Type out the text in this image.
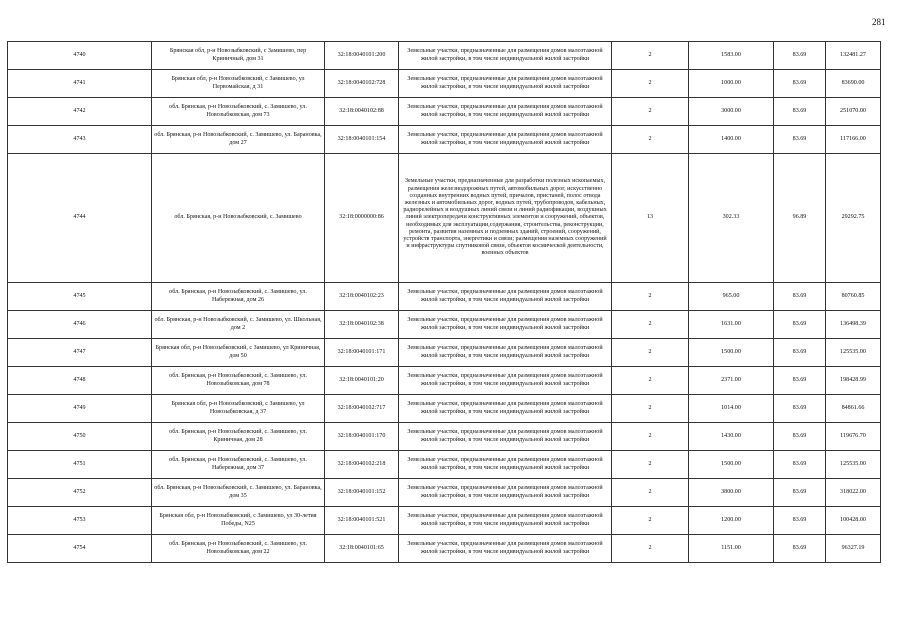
281
4740	Брянская обл, р-н Новозыбковский, с Замишево, пер Криничный, дом 31	32:18:0040101:200	Земельные участки, предназначенные для размещения домов малоэтажной жилой застройки, в том числе индивидуальной жилой застройки	2	1583.00	83.69	132481.27
4741	Брянская обл, р-н Новозыбковский, с Замишево, ул Первомайская, д 31	32:18:0040102:728	Земельные участки, предназначенные для размещения домов малоэтажной жилой застройки, в том числе индивидуальной жилой застройки	2	1000.00	83.69	83690.00
4742	обл. Брянская, р-н Новозыбковский, с. Замишево, ул. Новозыбковская, дом 73	32:18:0040102:88	Земельные участки, предназначенные для размещения домов малоэтажной жилой застройки, в том числе индивидуальной жилой застройки	2	3000.00	83.69	251070.00
4743	обл. Брянская, р-н Новозыбковский, с. Замишево, ул. Барановка, дом 27	32:18:0040101:154	Земельные участки, предназначенные для размещения домов малоэтажной жилой застройки, в том числе индивидуальной жилой застройки	2	1400.00	83.69	117166.00
4744	обл. Брянская, р-н Новозыбковский, с. Замишево	32:18:0000000:86	Земельные участки, предназначенные для разработки полезных ископаемых, размещения железнодорожных путей, автомобильных дорог, искусственно созданных внутренних водных путей, причалов, пристаней, полос отвода железных и автомобильных дорог, водных путей, трубопроводов, кабельных, радиорелейных и воздушных линий связи и линий радиофикации, воздушных линий электропередачи конструктивных элементов и сооружений, объектов, необходимых для эксплуатации,содержания, строительства, реконструкции, ремонта, развития наземных и подземных зданий, строений, сооружений, устройств транспорта, энергетики и связи; размещения наземных сооружений и инфраструктуры спутниковой связи, объектов космической деятельности, военных объектов	13	302.33	96.89	29292.75
4745	обл. Брянская, р-н Новозыбковский, с. Замишево, ул. Набережная, дом 26	32:18:0040102:23	Земельные участки, предназначенные для размещения домов малоэтажной жилой застройки, в том числе индивидуальной жилой застройки	2	965.00	83.69	80760.85
4746	обл. Брянская, р-н Новозыбковский, с. Замишево, ул. Школьная, дом 2	32:18:0040102:38	Земельные участки, предназначенные для размещения домов малоэтажной жилой застройки, в том числе индивидуальной жилой застройки	2	1631.00	83.69	136498.39
4747	Брянская обл, р-н Новозыбковский, с Замишево, ул Криничная, дом 50	32:18:0040101:171	Земельные участки, предназначенные для размещения домов малоэтажной жилой застройки, в том числе индивидуальной жилой застройки	2	1500.00	83.69	125535.00
4748	обл. Брянская, р-н Новозыбковский, с. Замишево, ул. Новозыбковская, дом 78	32:18:0040101:20	Земельные участки, предназначенные для размещения домов малоэтажной жилой застройки, в том числе индивидуальной жилой застройки	2	2371.00	83.69	198428.99
4749	Брянская обл, р-н Новозыбковский, с Замишево, ул Новозыбковская, д 37	32:18:0040102:717	Земельные участки, предназначенные для размещения домов малоэтажной жилой застройки, в том числе индивидуальной жилой застройки	2	1014.00	83.69	84861.66
4750	обл. Брянская, р-н Новозыбковский, с. Замишево, ул. Криничная, дом 28	32:18:0040101:170	Земельные участки, предназначенные для размещения домов малоэтажной жилой застройки, в том числе индивидуальной жилой застройки	2	1430.00	83.69	119676.70
4751	обл. Брянская, р-н Новозыбковский, с. Замишево, ул. Набережная, дом 37	32:18:0040102:218	Земельные участки, предназначенные для размещения домов малоэтажной жилой застройки, в том числе индивидуальной жилой застройки	2	1500.00	83.69	125535.00
4752	обл. Брянская, р-н Новозыбковский, с. Замишево, ул. Барановка, дом 35	32:18:0040101:152	Земельные участки, предназначенные для размещения домов малоэтажной жилой застройки, в том числе индивидуальной жилой застройки	2	3800.00	83.69	318022.00
4753	Брянская обл, р-н Новозыбковский, с Замишево, ул 30-летия Победы, N25	32:18:0040101:521	Земельные участки, предназначенные для размещения домов малоэтажной жилой застройки, в том числе индивидуальной жилой застройки	2	1200.00	83.69	100428.00
4754	обл. Брянская, р-н Новозыбковский, с. Замишево, ул. Новозыбковская, дом 22	32:18:0040101:65	Земельные участки, предназначенные для размещения домов малоэтажной жилой застройки, в том числе индивидуальной жилой застройки	2	1151.00	83.69	96327.19
